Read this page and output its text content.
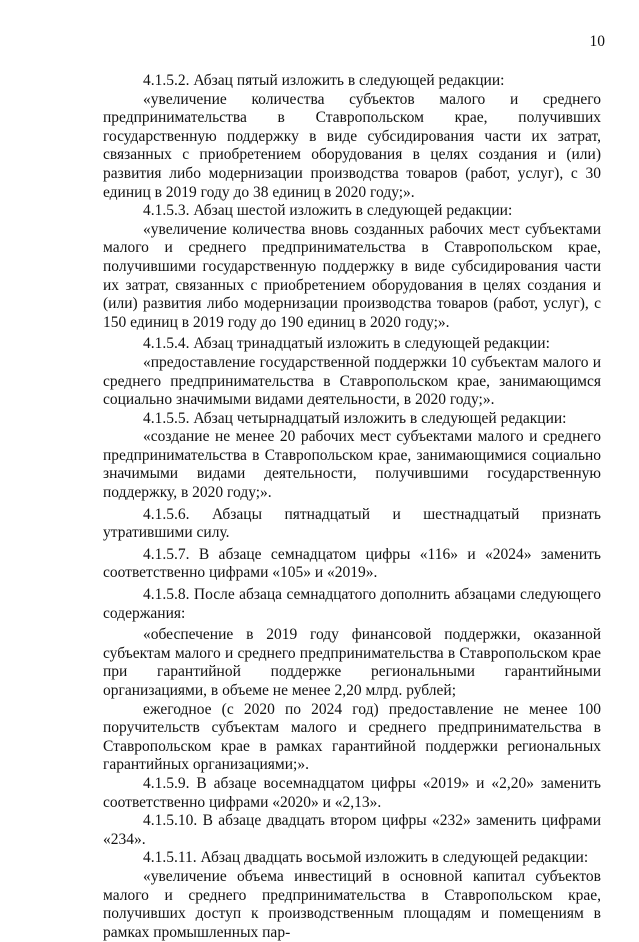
10

4.1.5.2. Абзац пятый изложить в следующей редакции:

«увеличение количества субъектов малого и среднего предпринимательства в Ставропольском крае, получивших государственную поддержку в виде субсидирования части их затрат, связанных с приобретением оборудования в целях создания и (или) развития либо модернизации производства товаров (работ, услуг), с 30 единиц в 2019 году до 38 единиц в 2020 году;».

4.1.5.3. Абзац шестой изложить в следующей редакции:

«увеличение количества вновь созданных рабочих мест субъектами малого и среднего предпринимательства в Ставропольском крае, получившими государственную поддержку в виде субсидирования части их затрат, связанных с приобретением оборудования в целях создания и (или) развития либо модернизации производства товаров (работ, услуг), с 150 единиц в 2019 году до 190 единиц в 2020 году;».

4.1.5.4. Абзац тринадцатый изложить в следующей редакции:

«предоставление государственной поддержки 10 субъектам малого и среднего предпринимательства в Ставропольском крае, занимающимся социально значимыми видами деятельности, в 2020 году;».

4.1.5.5. Абзац четырнадцатый изложить в следующей редакции:

«создание не менее 20 рабочих мест субъектами малого и среднего предпринимательства в Ставропольском крае, занимающимися социально значимыми видами деятельности, получившими государственную поддержку, в 2020 году;».

4.1.5.6. Абзацы пятнадцатый и шестнадцатый признать утратившими силу.

4.1.5.7. В абзаце семнадцатом цифры «116» и «2024» заменить соответственно цифрами «105» и «2019».

4.1.5.8. После абзаца семнадцатого дополнить абзацами следующего содержания:

«обеспечение в 2019 году финансовой поддержки, оказанной субъектам малого и среднего предпринимательства в Ставропольском крае при гарантийной поддержке региональными гарантийными организациями, в объеме не менее 2,20 млрд. рублей;

ежегодное (с 2020 по 2024 год) предоставление не менее 100 поручительств субъектам малого и среднего предпринимательства в Ставропольском крае в рамках гарантийной поддержки региональных гарантийных организациями;».

4.1.5.9. В абзаце восемнадцатом цифры «2019» и «2,20» заменить соответственно цифрами «2020» и «2,13».

4.1.5.10. В абзаце двадцать втором цифры «232» заменить цифрами «234».

4.1.5.11. Абзац двадцать восьмой изложить в следующей редакции:

«увеличение объема инвестиций в основной капитал субъектов малого и среднего предпринимательства в Ставропольском крае, получивших доступ к производственным площадям и помещениям в рамках промышленных пар-
